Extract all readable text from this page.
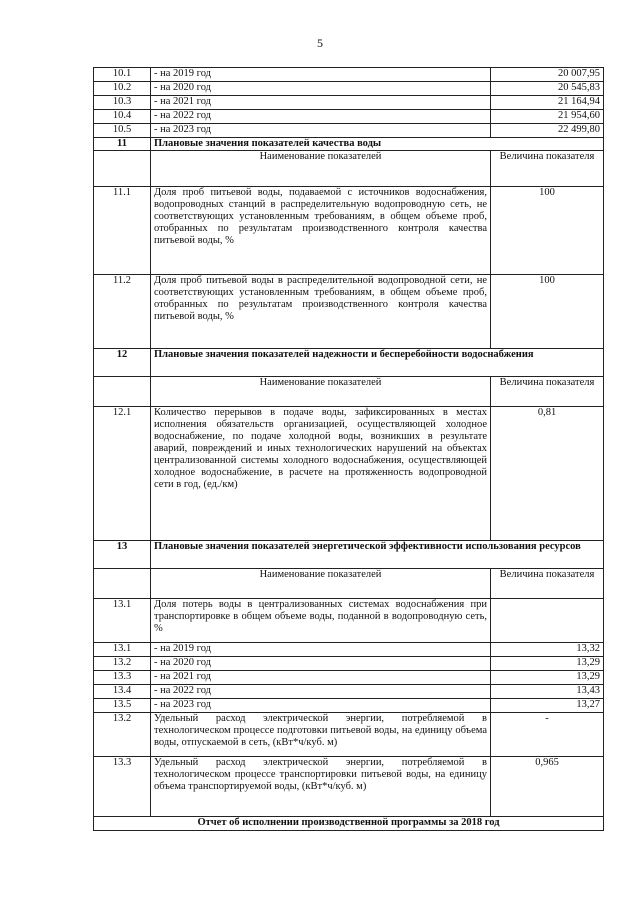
5
10.1	- на 2019 год	20 007,95
10.2	- на 2020 год	20 545,83
10.3	- на 2021 год	21 164,94
10.4	- на 2022 год	21 954,60
10.5	- на 2023 год	22 499,80
11	Плановые значения показателей качества воды	
	Наименование показателей	Величина показателя
11.1	Доля проб питьевой воды, подаваемой с источников водоснабжения, водопроводных станций в распределительную водопроводную сеть, не соответствующих установленным требованиям, в общем объеме проб, отобранных по результатам производственного контроля качества питьевой воды, %	100
11.2	Доля проб питьевой воды в распределительной водопроводной сети, не соответствующих установленным требованиям, в общем объеме проб, отобранных по результатам производственного контроля качества питьевой воды, %	100
12	Плановые значения показателей надежности и бесперебойности водоснабжения	
	Наименование показателей	Величина показателя
12.1	Количество перерывов в подаче воды, зафиксированных в местах исполнения обязательств организацией, осуществляющей холодное водоснабжение, по подаче холодной воды, возникших в результате аварий, повреждений и иных технологических нарушений на объектах централизованной системы холодного водоснабжения, осуществляющей холодное водоснабжение, в расчете на протяженность водопроводной сети в год, (ед./км)	0,81
13	Плановые значения показателей энергетической эффективности использования ресурсов	
	Наименование показателей	Величина показателя
13.1	Доля потерь воды в централизованных системах водоснабжения при транспортировке в общем объеме воды, поданной в водопроводную сеть, %	
13.1	- на 2019 год	13,32
13.2	- на 2020 год	13,29
13.3	- на 2021 год	13,29
13.4	- на 2022 год	13,43
13.5	- на 2023 год	13,27
13.2	Удельный расход электрической энергии, потребляемой в технологическом процессе подготовки питьевой воды, на единицу объема воды, отпускаемой в сеть, (кВт*ч/куб. м)	-
13.3	Удельный расход электрической энергии, потребляемой в технологическом процессе транспортировки питьевой воды, на единицу объема транспортируемой воды, (кВт*ч/куб. м)	0,965
Отчет об исполнении производственной программы за 2018 год		
